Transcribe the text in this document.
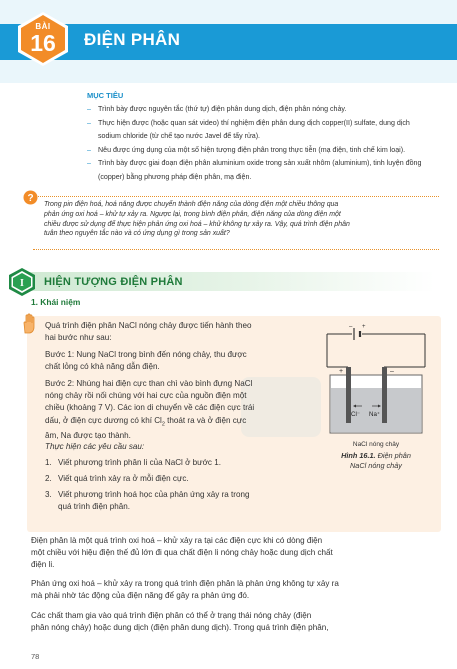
BÀI
16	ĐIỆN PHÂN
MỤC TIÊU
– Trình bày được nguyên tắc (thứ tự) điện phân dung dịch, điện phân nóng chảy.
– Thực hiện được (hoặc quan sát video) thí nghiệm điện phân dung dịch copper(II) sulfate, dung dịch sodium chloride (từ chế tạo nước Javel để tẩy rửa).
– Nêu được ứng dụng của một số hiện tượng điện phân trong thực tiễn (mạ điện, tinh chế kim loại).
– Trình bày được giai đoạn điện phân aluminium oxide trong sản xuất nhôm (aluminium), tinh luyện đồng (copper) bằng phương pháp điện phân, mạ điện.
?
Trong pin điện hoá, hoá năng được chuyển thành điện năng của dòng điện một chiều thông qua
phản ứng oxi hoá – khử tự xảy ra. Ngược lại, trong bình điện phân, điện năng của dòng điện một
chiều được sử dụng để thực hiện phản ứng oxi hoá – khử không tự xảy ra. Vậy, quá trình điện phân
tuân theo nguyên tắc nào và có ứng dụng gì trong sản xuất?
I HIỆN TƯỢNG ĐIỆN PHÂN
1. Khái niệm
Quá trình điện phân NaCl nóng chảy được tiến hành theo
hai bước như sau:
Bước 1: Nung NaCl trong bình đến nóng chảy, thu được
chất lỏng có khả năng dẫn điện.
Bước 2: Nhúng hai điện cực than chì vào bình đựng NaCl
nóng chảy rồi nối chúng với hai cực của nguồn điện một
chiều (khoảng 7 V). Các ion di chuyển về các điện cực trái
dấu, ở điện cực dương có khí $Cl_2$ thoát ra và ở điện cực
âm, Na được tạo thành.
Thực hiện các yêu cầu sau:
1. Viết phương trình phân li của NaCl ở bước 1.
2. Viết quá trình xảy ra ở mỗi điện cực.
3. Viết phương trình hoá học của phản ứng xảy ra trong
quá trình điện phân.
– +
+	–
Cl⁻ Na⁺
NaCl nóng chảy
Hình 16.1. Điện phân
NaCl nóng chảy
Điện phân là một quá trình oxi hoá – khử xảy ra tại các điện cực khi có dòng điện
một chiều với hiệu điện thế đủ lớn đi qua chất điện li nóng chảy hoặc dung dịch chất
điện li.
Phản ứng oxi hoá – khử xảy ra trong quá trình điện phân là phản ứng không tự xảy ra
mà phải nhờ tác động của điện năng để gây ra phản ứng đó.
Các chất tham gia vào quá trình điện phân có thể ở trạng thái nóng chảy (điện
phân nóng chảy) hoặc dung dịch (điện phân dung dịch). Trong quá trình điện phân,
78
